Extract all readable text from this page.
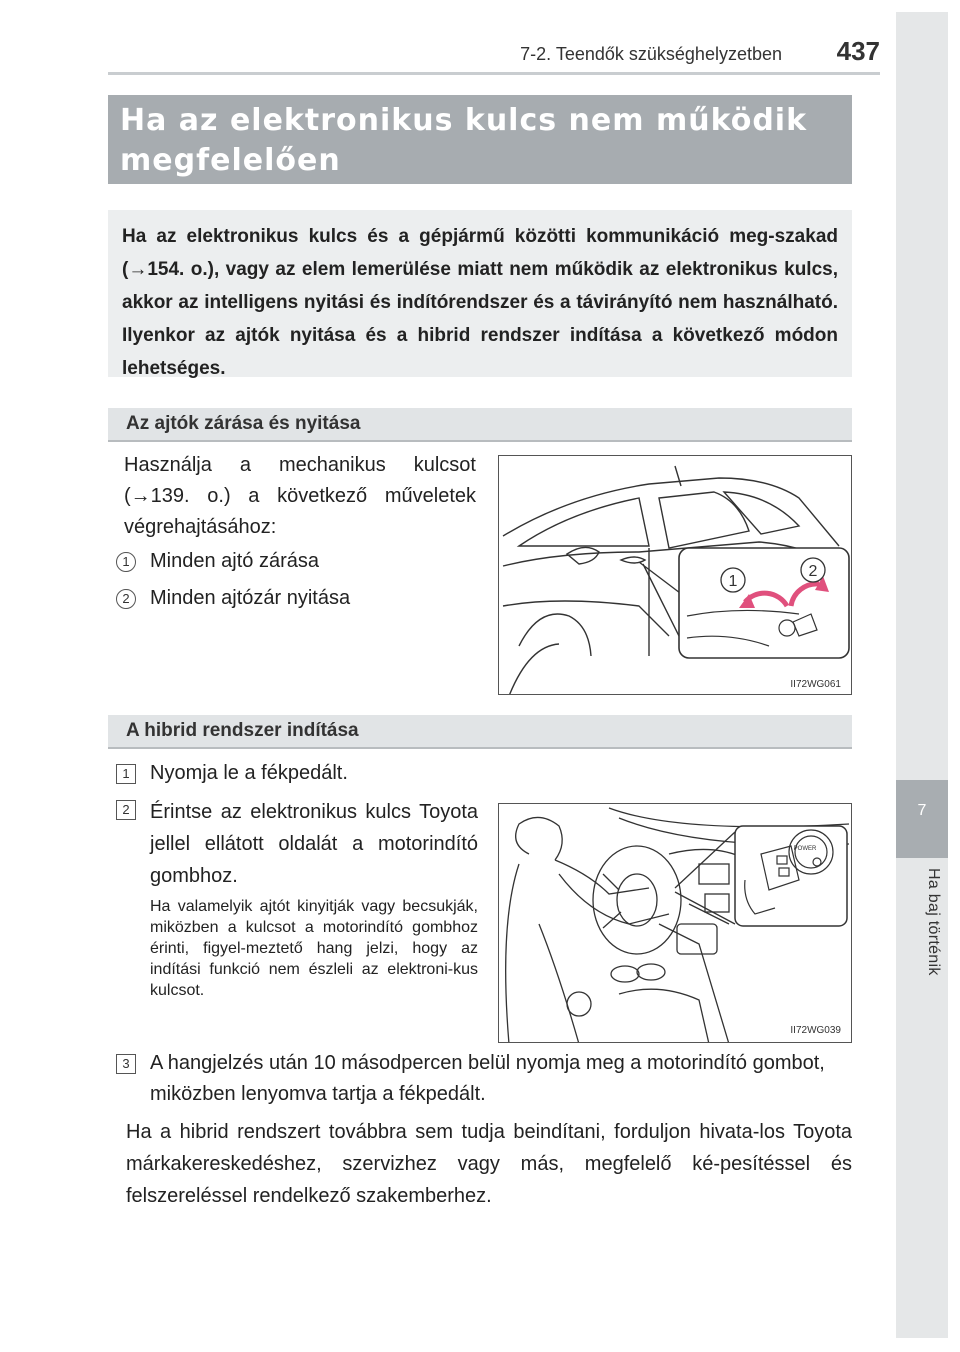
7-2. Teendők szükséghelyzetben	437
7
Ha baj történik
Ha az elektronikus kulcs nem működik megfelelően

Ha az elektronikus kulcs és a gépjármű közötti kommunikáció meg-szakad (→154. o.), vagy az elem lemerülése miatt nem működik az elektronikus kulcs, akkor az intelligens nyitási és indítórendszer és a távirányító nem használható. Ilyenkor az ajtók nyitása és a hibrid rendszer indítása a következő módon lehetséges.

Az ajtók zárása és nyitása

Használja a mechanikus kulcsot (→139. o.) a következő műveletek végrehajtásához:

1	Minden ajtó zárása
2	Minden ajtózár nyitása
1
2
II72WG061
A hibrid rendszer indítása
1	Nyomja le a fékpedált.
2	Érintse az elektronikus kulcs Toyota jellel ellátott oldalát a motorindító gombhoz.

Ha valamelyik ajtót kinyitják vagy becsukják, miközben a kulcsot a motorindító gombhoz érinti, figyel-meztető hang jelzi, hogy az indítási funkció nem észleli az elektroni-kus kulcsot.

POWER
II72WG039
3	A hangjelzés után 10 másodpercen belül nyomja meg a motorindító gombot, miközben lenyomva tartja a fékpedált.

Ha a hibrid rendszert továbbra sem tudja beindítani, forduljon hivata-los Toyota márkakereskedéshez, szervizhez vagy más, megfelelő ké-pesítéssel és felszereléssel rendelkező szakemberhez.
